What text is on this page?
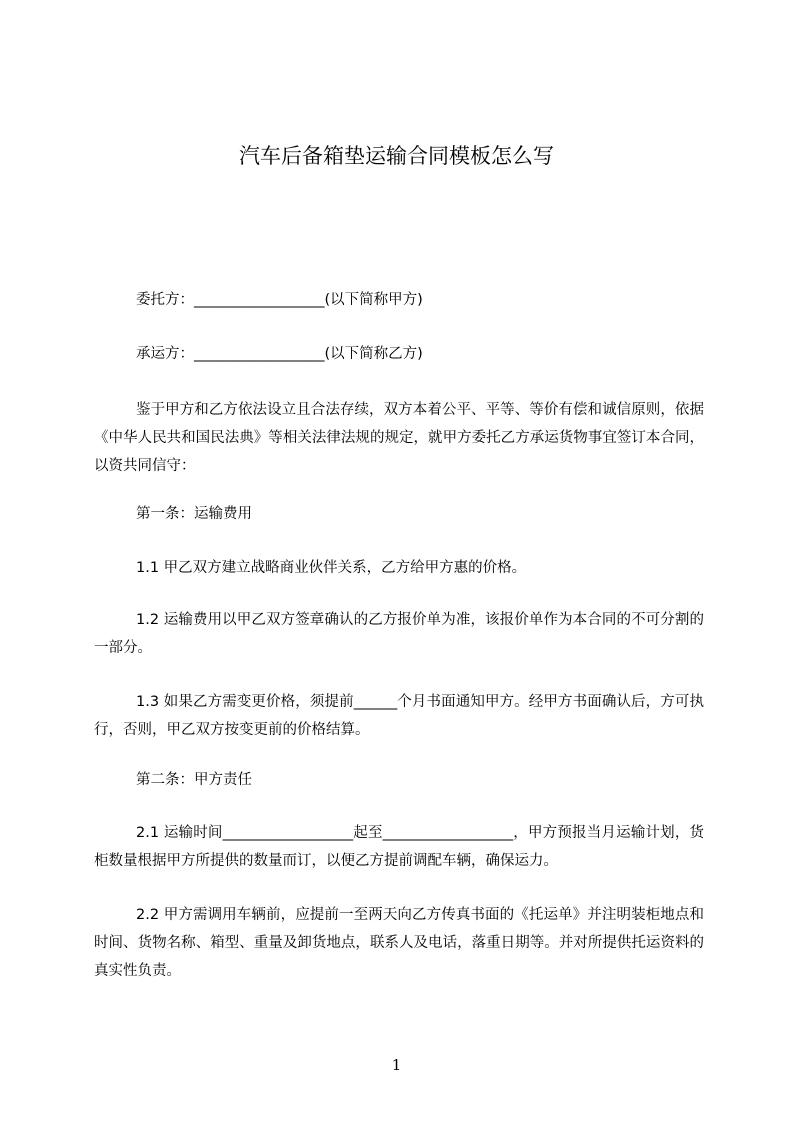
汽车后备箱垫运输合同模板怎么写
委托方：__________________(以下简称甲方)
承运方：__________________(以下简称乙方)
鉴于甲方和乙方依法设立且合法存续，双方本着公平、平等、等价有偿和诚信原则，依据《中华人民共和国民法典》等相关法律法规的规定，就甲方委托乙方承运货物事宜签订本合同，以资共同信守：
第一条：运输费用
1.1 甲乙双方建立战略商业伙伴关系，乙方给甲方惠的价格。
1.2 运输费用以甲乙双方签章确认的乙方报价单为准，该报价单作为本合同的不可分割的一部分。
1.3 如果乙方需变更价格，须提前______个月书面通知甲方。经甲方书面确认后，方可执行，否则，甲乙双方按变更前的价格结算。
第二条：甲方责任
2.1 运输时间__________________起至__________________，甲方预报当月运输计划，货柜数量根据甲方所提供的数量而订，以便乙方提前调配车辆，确保运力。
2.2 甲方需调用车辆前，应提前一至两天向乙方传真书面的《托运单》并注明装柜地点和时间、货物名称、箱型、重量及卸货地点，联系人及电话，落重日期等。并对所提供托运资料的真实性负责。
1
